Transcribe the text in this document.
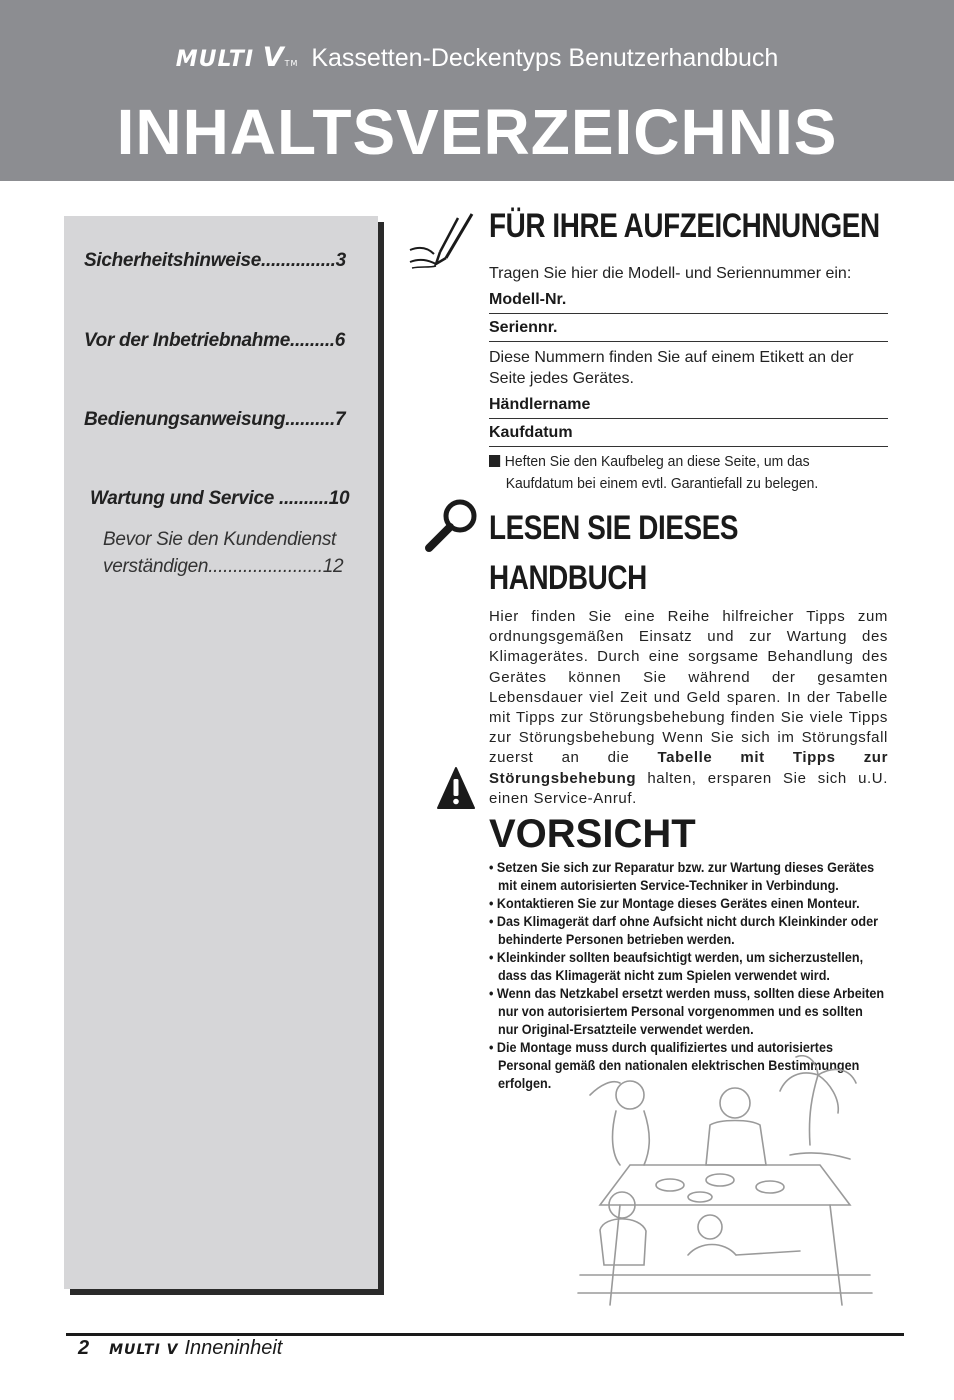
MULTI VTM Kassetten-Deckentyps Benutzerhandbuch
INHALTSVERZEICHNIS
Sicherheitshinweise...............3
Vor der Inbetriebnahme.........6
Bedienungsanweisung..........7
Wartung und Service ..........10
Bevor Sie den Kundendienst
verständigen.......................12
FÜR IHRE AUFZEICHNUNGEN
Tragen Sie hier die Modell- und Seriennummer ein:
Modell-Nr.
Seriennr.
Diese Nummern finden Sie auf einem Etikett an der Seite jedes Gerätes.
Händlername
Kaufdatum
Heften Sie den Kaufbeleg an diese Seite, um das
Kaufdatum bei einem evtl. Garantiefall zu belegen.
LESEN SIE DIESES
HANDBUCH
Hier finden Sie eine Reihe hilfreicher Tipps zum ordnungsgemäßen Einsatz und zur Wartung des Klimagerätes. Durch eine sorgsame Behandlung des Gerätes können Sie während der gesamten Lebensdauer viel Zeit und Geld sparen. In der Tabelle mit Tipps zur Störungsbehebung finden Sie viele Tipps zur Störungsbehebung Wenn Sie sich im Störungsfall zuerst an die Tabelle mit Tipps zur Störungsbehebung halten, ersparen Sie sich u.U. einen Service-Anruf.
VORSICHT
• Setzen Sie sich zur Reparatur bzw. zur Wartung dieses Gerätes mit einem autorisierten Service-Techniker in Verbindung.
• Kontaktieren Sie zur Montage dieses Gerätes einen Monteur.
• Das Klimagerät darf ohne Aufsicht nicht durch Kleinkinder oder behinderte Personen betrieben werden.
• Kleinkinder sollten beaufsichtigt werden, um sicherzustellen, dass das Klimagerät nicht zum Spielen verwendet wird.
• Wenn das Netzkabel ersetzt werden muss, sollten diese Arbeiten nur von autorisiertem Personal vorgenommen und es sollten nur Original-Ersatzteile verwendet werden.
• Die Montage muss durch qualifiziertes und autorisiertes Personal gemäß den nationalen elektrischen Bestimmungen erfolgen.
2 MULTI V Inneninheit
